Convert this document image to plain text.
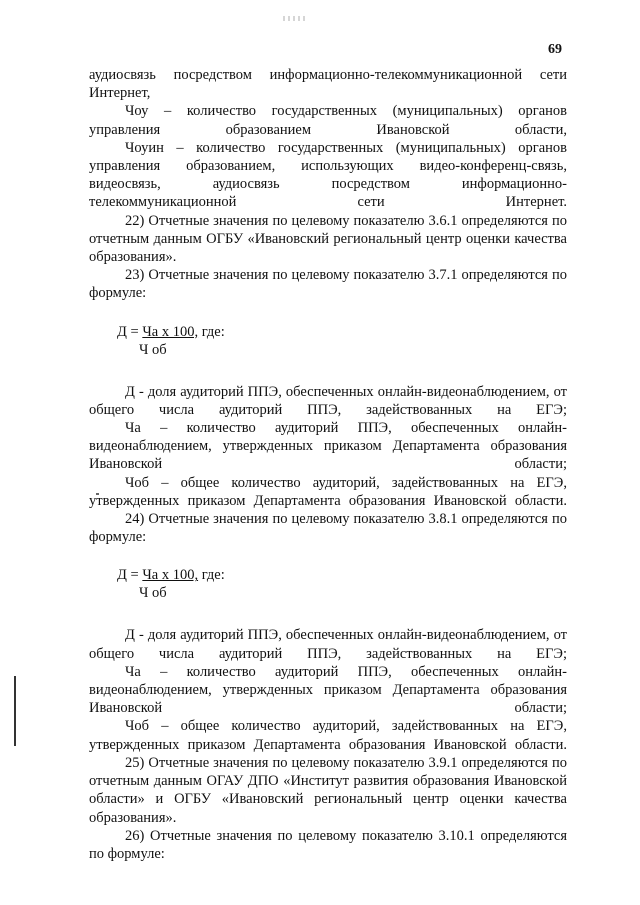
69

аудиосвязь посредством информационно-телекоммуникационной сети Интернет,

Чоу – количество государственных (муниципальных) органов управления образованием Ивановской области,

Чоуин – количество государственных (муниципальных) органов управления образованием, использующих видео-конференц-связь, видеосвязь, аудиосвязь посредством информационно-телекоммуникационной сети Интернет.

22) Отчетные значения по целевому показателю 3.6.1 определяются по отчетным данным ОГБУ «Ивановский региональный центр оценки качества образования».

23) Отчетные значения по целевому показателю 3.7.1 определяются по формуле:

Д = Ча х 100, где:
Ч об

Д - доля аудиторий ППЭ, обеспеченных онлайн-видеонаблюдением, от общего числа аудиторий ППЭ, задействованных на ЕГЭ;

Ча – количество аудиторий ППЭ, обеспеченных онлайн-видеонаблюдением, утвержденных приказом Департамента образования Ивановской области;

Чоб – общее количество аудиторий, задействованных на ЕГЭ, утвержденных приказом Департамента образования Ивановской области.

24) Отчетные значения по целевому показателю 3.8.1 определяются по формуле:

Д = Ча х 100, где:
Ч об

Д - доля аудиторий ППЭ, обеспеченных онлайн-видеонаблюдением, от общего числа аудиторий ППЭ, задействованных на ЕГЭ;

Ча – количество аудиторий ППЭ, обеспеченных онлайн-видеонаблюдением, утвержденных приказом Департамента образования Ивановской области;

Чоб – общее количество аудиторий, задействованных на ЕГЭ, утвержденных приказом Департамента образования Ивановской области.

25) Отчетные значения по целевому показателю 3.9.1 определяются по отчетным данным ОГАУ ДПО «Институт развития образования Ивановской области» и ОГБУ «Ивановский региональный центр оценки качества образования».

26) Отчетные значения по целевому показателю 3.10.1 определяются по формуле:
